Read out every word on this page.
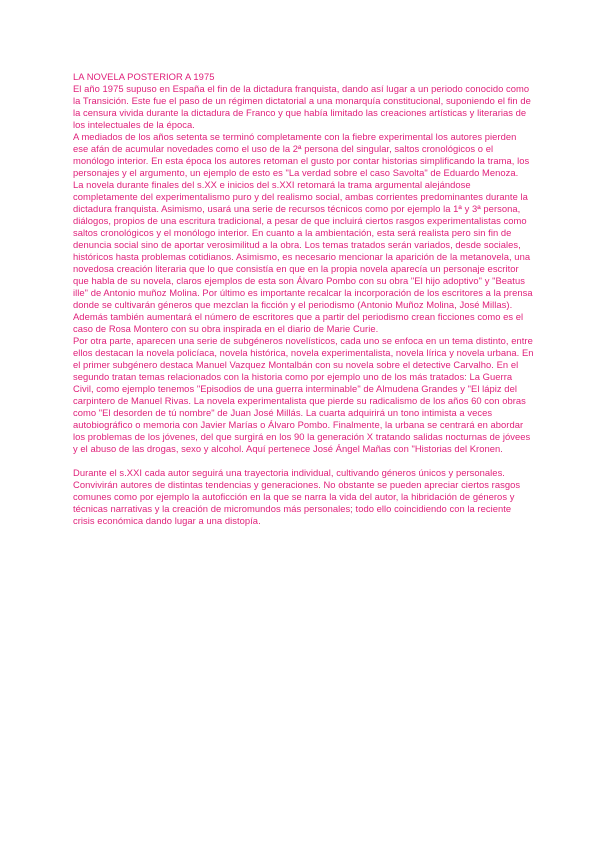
LA NOVELA POSTERIOR A 1975

El año 1975 supuso en España el fin de la dictadura franquista, dando así lugar a un periodo conocido como la Transición. Este fue el paso de un régimen dictatorial a una monarquía constitucional, suponiendo el fin de la censura vivida durante la dictadura de Franco y que había limitado las creaciones artísticas y literarias de los intelectuales de la época.

A mediados de los años setenta se terminó completamente con la fiebre experimental los autores pierden ese afán de acumular novedades como el uso de la 2ª persona del singular, saltos cronológicos o el monólogo interior. En esta época los autores retoman el gusto por contar historias simplificando la trama, los personajes y el argumento, un ejemplo de esto es "La verdad sobre el caso Savolta" de Eduardo Menoza.

La novela durante finales del s.XX e inicios del s.XXI retomará la trama argumental alejándose completamente del experimentalismo puro y del realismo social, ambas corrientes predominantes durante la dictadura franquista. Asimismo, usará una serie de recursos técnicos como por ejemplo la 1ª y 3ª persona, diálogos, propios de una escritura tradicional, a pesar de que incluirá ciertos rasgos experimentalistas como saltos cronológicos y el monólogo interior. En cuanto a la ambientación, esta será realista pero sin fin de denuncia social sino de aportar verosimilitud a la obra. Los temas tratados serán variados, desde sociales, históricos hasta problemas cotidianos. Asimismo, es necesario mencionar la aparición de la metanovela, una novedosa creación literaria que lo que consistía en que en la propia novela aparecía un personaje escritor que habla de su novela, claros ejemplos de esta son Álvaro Pombo con su obra "El hijo adoptivo" y "Beatus ille" de Antonio muñoz Molina. Por último es importante recalcar la incorporación de los escritores a la prensa donde se cultivarán géneros que mezclan la ficción y el periodismo (Antonio Muñoz Molina, José Millas). Además también aumentará el número de escritores que a partir del periodismo crean ficciones como es el caso de Rosa Montero con su obra inspirada en el diario de Marie Curie.

Por otra parte, aparecen una serie de subgéneros novelísticos, cada uno se enfoca en un tema distinto, entre ellos destacan la novela policíaca, novela histórica, novela experimentalista, novela lírica y novela urbana. En el primer subgénero destaca Manuel Vazquez Montalbán con su novela sobre el detective Carvalho. En el segundo tratan temas relacionados con la historia como por ejemplo uno de los más tratados: La Guerra Civil, como ejemplo tenemos "Episodios de una guerra interminable" de Almudena Grandes y "El lápiz del carpintero de Manuel Rivas. La novela experimentalista que pierde su radicalismo de los años 60 con obras como "El desorden de tú nombre" de Juan José Millás. La cuarta adquirirá un tono intimista a veces autobiográfico o memoria con Javier Marías o Álvaro Pombo. Finalmente, la urbana se centrará en abordar los problemas de los jóvenes, del que surgirá en los 90 la generación X tratando salidas nocturnas de jóvees y el abuso de las drogas, sexo y alcohol. Aquí pertenece José Ángel Mañas con "Historias del Kronen.

Durante el s.XXI cada autor seguirá una trayectoria individual, cultivando géneros únicos y personales. Convivirán autores de distintas tendencias y generaciones. No obstante se pueden apreciar ciertos rasgos comunes como por ejemplo la autoficción en la que se narra la vida del autor, la hibridación de géneros y técnicas narrativas y la creación de micromundos más personales; todo ello coincidiendo con la reciente crisis económica dando lugar a una distopía.
